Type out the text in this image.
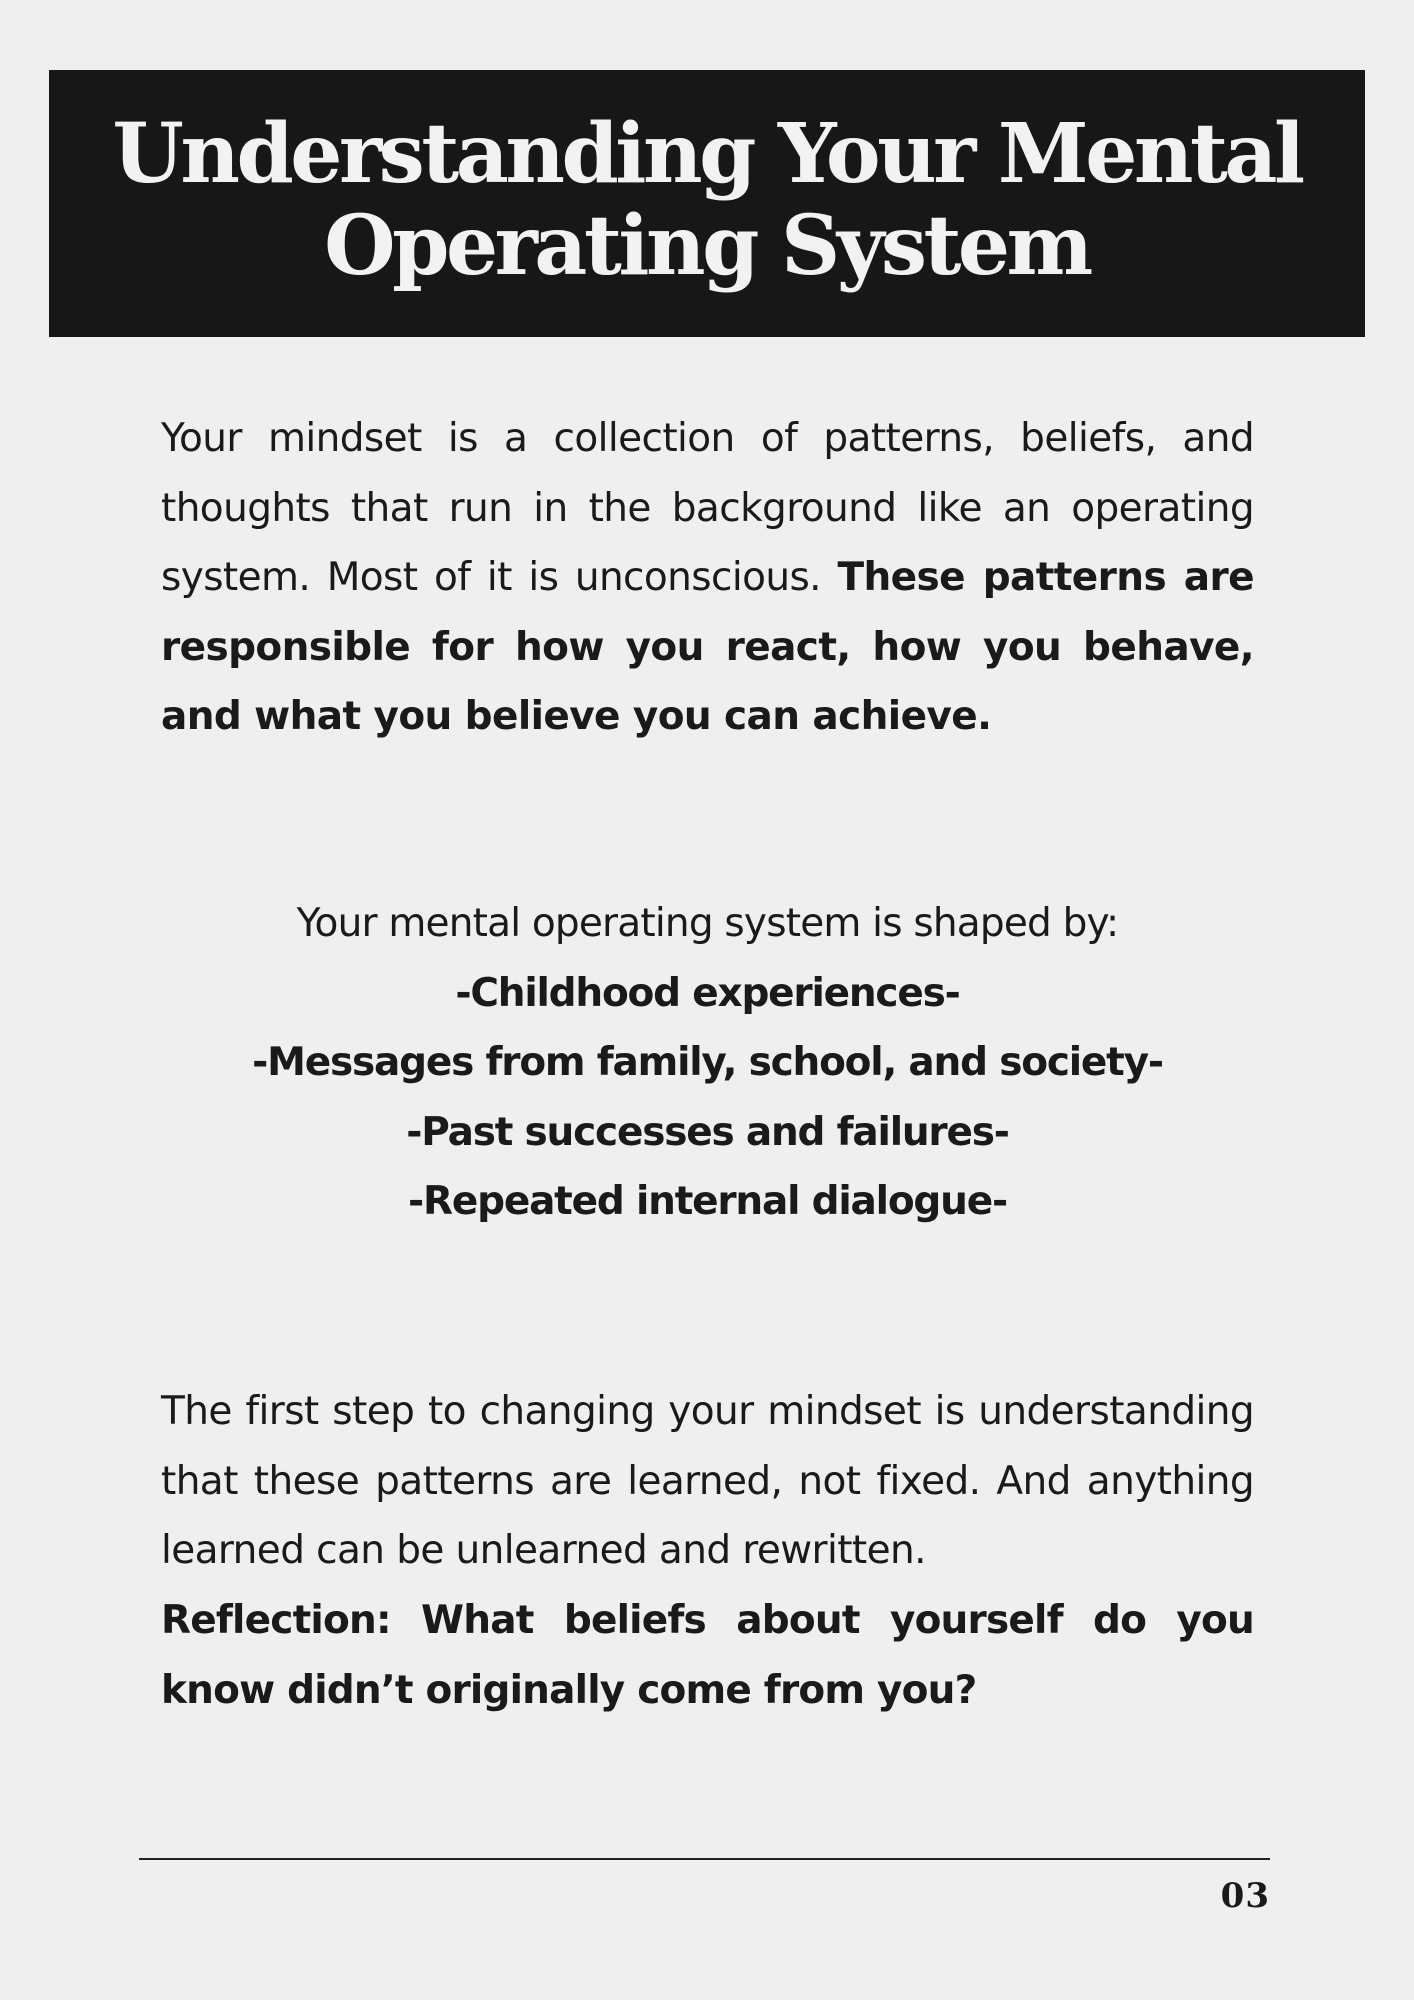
Understanding Your Mental
Operating System

Your mindset is a collection of patterns, beliefs, and thoughts that run in the background like an operating system. Most of it is unconscious. These patterns are responsible for how you react, how you behave, and what you believe you can achieve.

Your mental operating system is shaped by:
-Childhood experiences-
-Messages from family, school, and society-
-Past successes and failures-
-Repeated internal dialogue-

The first step to changing your mindset is understanding that these patterns are learned, not fixed. And anything learned can be unlearned and rewritten.

Reflection: What beliefs about yourself do you know didn’t originally come from you?

03
